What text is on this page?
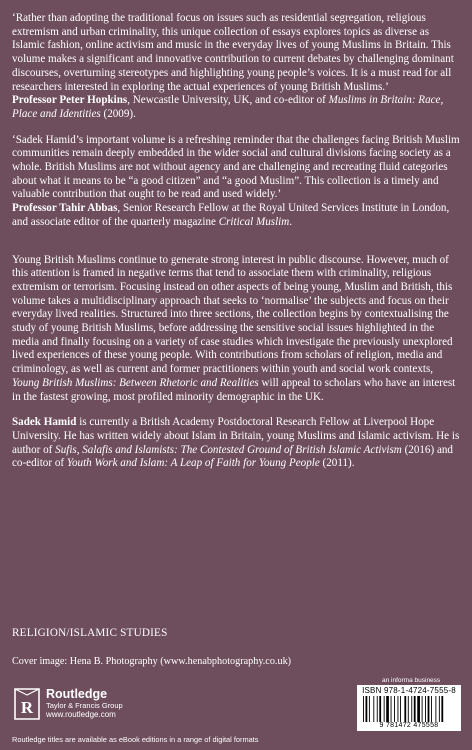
‘Rather than adopting the traditional focus on issues such as residential segregation, religious extremism and urban criminality, this unique collection of essays explores topics as diverse as Islamic fashion, online activism and music in the everyday lives of young Muslims in Britain. This volume makes a significant and innovative contribution to current debates by challenging dominant discourses, overturning stereotypes and highlighting young people’s voices. It is a must read for all researchers interested in exploring the actual experiences of young British Muslims.’
Professor Peter Hopkins, Newcastle University, UK, and co-editor of Muslims in Britain: Race, Place and Identities (2009).

‘Sadek Hamid’s important volume is a refreshing reminder that the challenges facing British Muslim communities remain deeply embedded in the wider social and cultural divisions facing society as a whole. British Muslims are not without agency and are challenging and recreating fluid categories about what it means to be “a good citizen” and “a good Muslim”. This collection is a timely and valuable contribution that ought to be read and used widely.’
Professor Tahir Abbas, Senior Research Fellow at the Royal United Services Institute in London, and associate editor of the quarterly magazine Critical Muslim.

Young British Muslims continue to generate strong interest in public discourse. However, much of this attention is framed in negative terms that tend to associate them with criminality, religious extremism or terrorism. Focusing instead on other aspects of being young, Muslim and British, this volume takes a multidisciplinary approach that seeks to ‘normalise’ the subjects and focus on their everyday lived realities. Structured into three sections, the collection begins by contextualising the study of young British Muslims, before addressing the sensitive social issues highlighted in the media and finally focusing on a variety of case studies which investigate the previously unexplored lived experiences of these young people. With contributions from scholars of religion, media and criminology, as well as current and former practitioners within youth and social work contexts, Young British Muslims: Between Rhetoric and Realities will appeal to scholars who have an interest in the fastest growing, most profiled minority demographic in the UK.

Sadek Hamid is currently a British Academy Postdoctoral Research Fellow at Liverpool Hope University. He has written widely about Islam in Britain, young Muslims and Islamic activism. He is author of Sufis, Salafis and Islamists: The Contested Ground of British Islamic Activism (2016) and co-editor of Youth Work and Islam: A Leap of Faith for Young People (2011).

RELIGION/ISLAMIC STUDIES
Cover image: Hena B. Photography (www.henabphotography.co.uk)
R
Routledge
Taylor & Francis Group
www.routledge.com
an informa business
ISBN 978-1-4724-7555-8
9 781472 475558
Routledge titles are available as eBook editions in a range of digital formats
